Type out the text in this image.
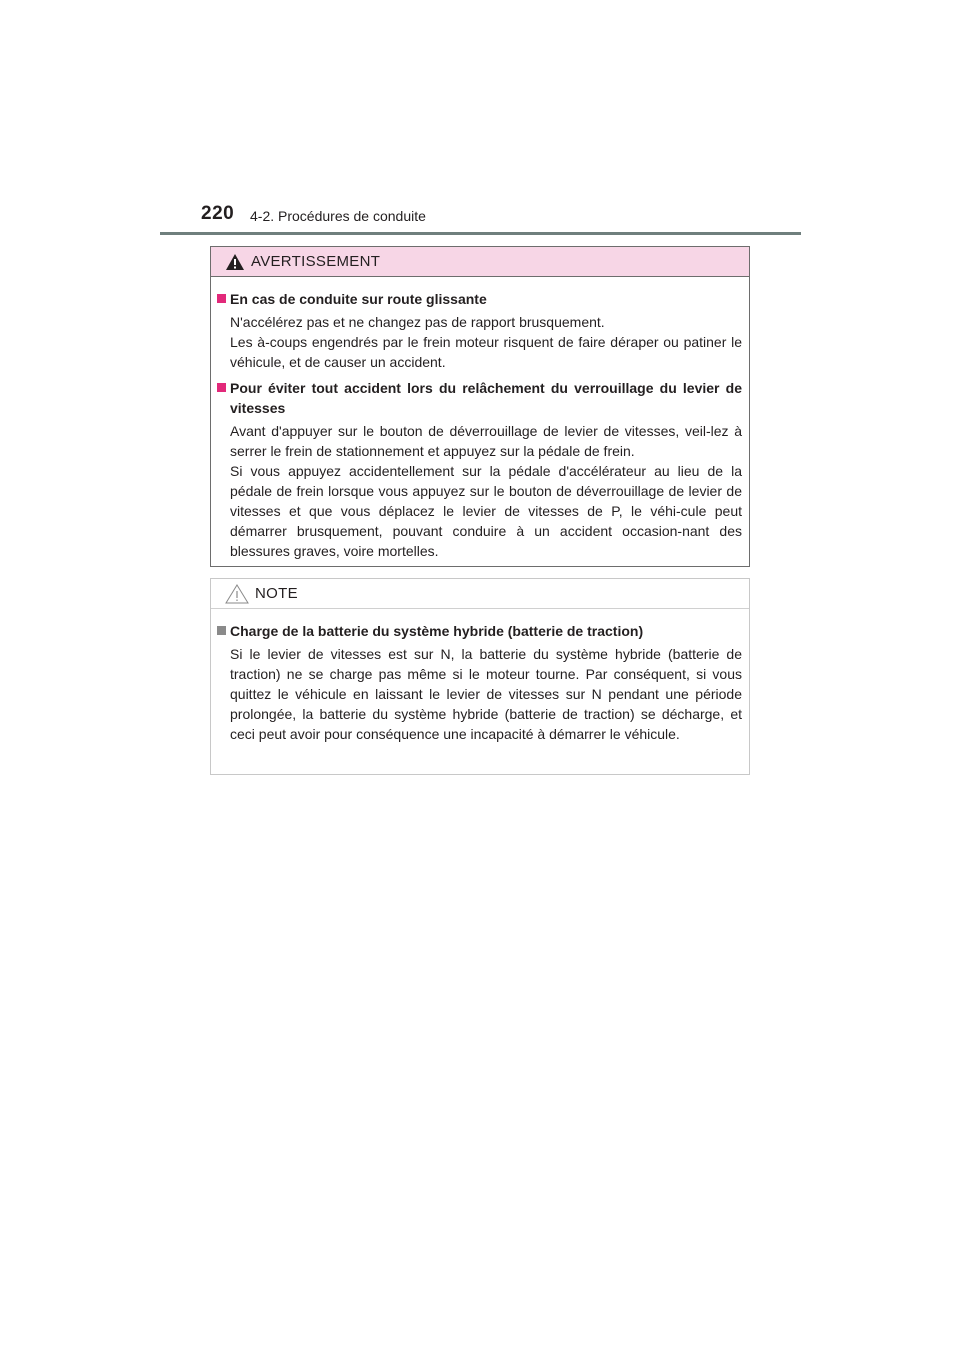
220 4-2. Procédures de conduite
AVERTISSEMENT
En cas de conduite sur route glissante

N'accélérez pas et ne changez pas de rapport brusquement.

Les à-coups engendrés par le frein moteur risquent de faire déraper ou patiner le véhicule, et de causer un accident.

Pour éviter tout accident lors du relâchement du verrouillage du levier de vitesses

Avant d'appuyer sur le bouton de déverrouillage de levier de vitesses, veil-lez à serrer le frein de stationnement et appuyez sur la pédale de frein.

Si vous appuyez accidentellement sur la pédale d'accélérateur au lieu de la pédale de frein lorsque vous appuyez sur le bouton de déverrouillage de levier de vitesses et que vous déplacez le levier de vitesses de P, le véhi-cule peut démarrer brusquement, pouvant conduire à un accident occasion-nant des blessures graves, voire mortelles.

NOTE
Charge de la batterie du système hybride (batterie de traction)

Si le levier de vitesses est sur N, la batterie du système hybride (batterie de traction) ne se charge pas même si le moteur tourne. Par conséquent, si vous quittez le véhicule en laissant le levier de vitesses sur N pendant une période prolongée, la batterie du système hybride (batterie de traction) se décharge, et ceci peut avoir pour conséquence une incapacité à démarrer le véhicule.
